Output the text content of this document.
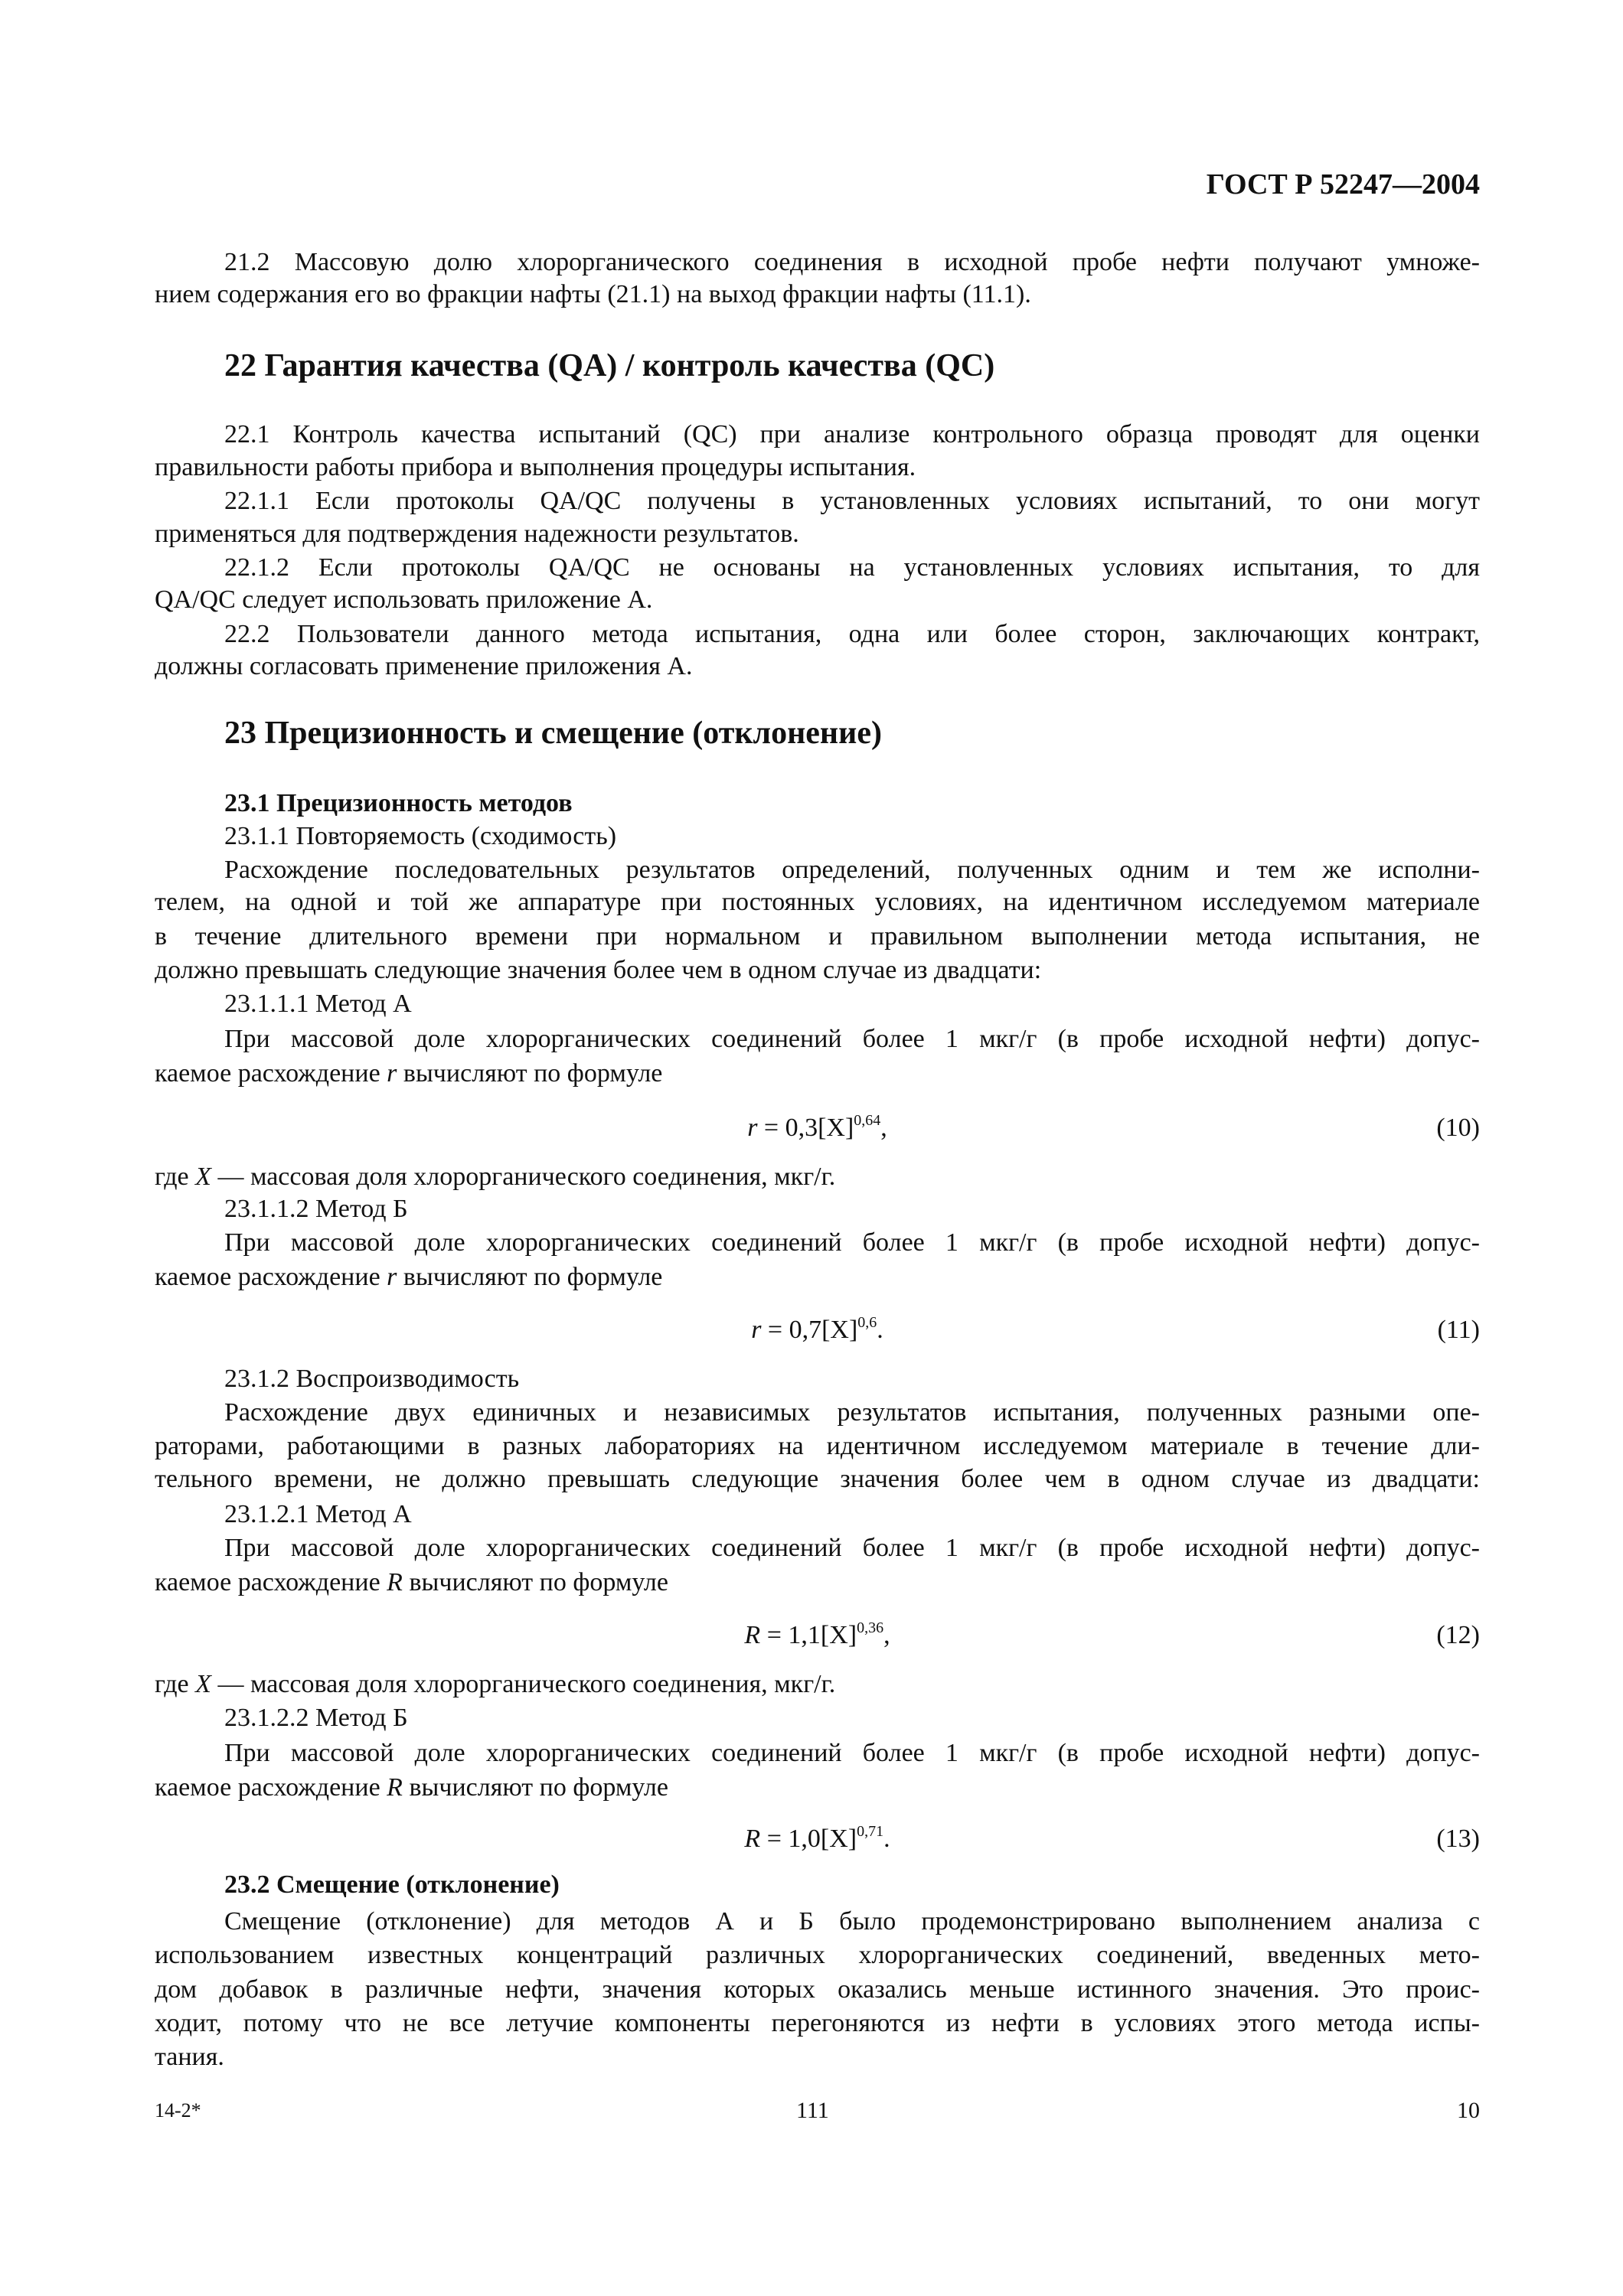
ГОСТ Р 52247—2004
21.2 Массовую долю хлорорганического соединения в исходной пробе нефти получают умноже-
нием содержания его во фракции нафты (21.1) на выход фракции нафты (11.1).
22 Гарантия качества (QA) / контроль качества (QC)
22.1 Контроль качества испытаний (QC) при анализе контрольного образца проводят для оценки
правильности работы прибора и выполнения процедуры испытания.
22.1.1 Если протоколы QA/QC получены в установленных условиях испытаний, то они могут
применяться для подтверждения надежности результатов.
22.1.2 Если протоколы QA/QC не основаны на установленных условиях испытания, то для
QA/QC следует использовать приложение А.
22.2 Пользователи данного метода испытания, одна или более сторон, заключающих контракт,
должны согласовать применение приложения А.
23 Прецизионность и смещение (отклонение)
23.1 Прецизионность методов
23.1.1 Повторяемость (сходимость)
Расхождение последовательных результатов определений, полученных одним и тем же исполни-
телем, на одной и той же аппаратуре при постоянных условиях, на идентичном исследуемом материале
в течение длительного времени при нормальном и правильном выполнении метода испытания, не
должно превышать следующие значения более чем в одном случае из двадцати:
23.1.1.1 Метод А
При массовой доле хлорорганических соединений более 1 мкг/г (в пробе исходной нефти) допус-
каемое расхождение r вычисляют по формуле
$r = 0,3[X]^{0,64}$,	(10)
где X — массовая доля хлорорганического соединения, мкг/г.
23.1.1.2 Метод Б
При массовой доле хлорорганических соединений более 1 мкг/г (в пробе исходной нефти) допус-
каемое расхождение r вычисляют по формуле
$r = 0,7[X]^{0,6}$.	(11)
23.1.2 Воспроизводимость
Расхождение двух единичных и независимых результатов испытания, полученных разными опе-
раторами, работающими в разных лабораториях на идентичном исследуемом материале в течение дли-
тельного времени, не должно превышать следующие значения более чем в одном случае из двадцати:
23.1.2.1 Метод А
При массовой доле хлорорганических соединений более 1 мкг/г (в пробе исходной нефти) допус-
каемое расхождение R вычисляют по формуле
$R = 1,1[X]^{0,36}$,	(12)
где X — массовая доля хлорорганического соединения, мкг/г.
23.1.2.2 Метод Б
При массовой доле хлорорганических соединений более 1 мкг/г (в пробе исходной нефти) допус-
каемое расхождение R вычисляют по формуле
$R = 1,0[X]^{0,71}$.	(13)
23.2 Смещение (отклонение)
Смещение (отклонение) для методов А и Б было продемонстрировано выполнением анализа с
использованием известных концентраций различных хлорорганических соединений, введенных мето-
дом добавок в различные нефти, значения которых оказались меньше истинного значения. Это проис-
ходит, потому что не все летучие компоненты перегоняются из нефти в условиях этого метода испы-
тания.
14-2*	111	10
